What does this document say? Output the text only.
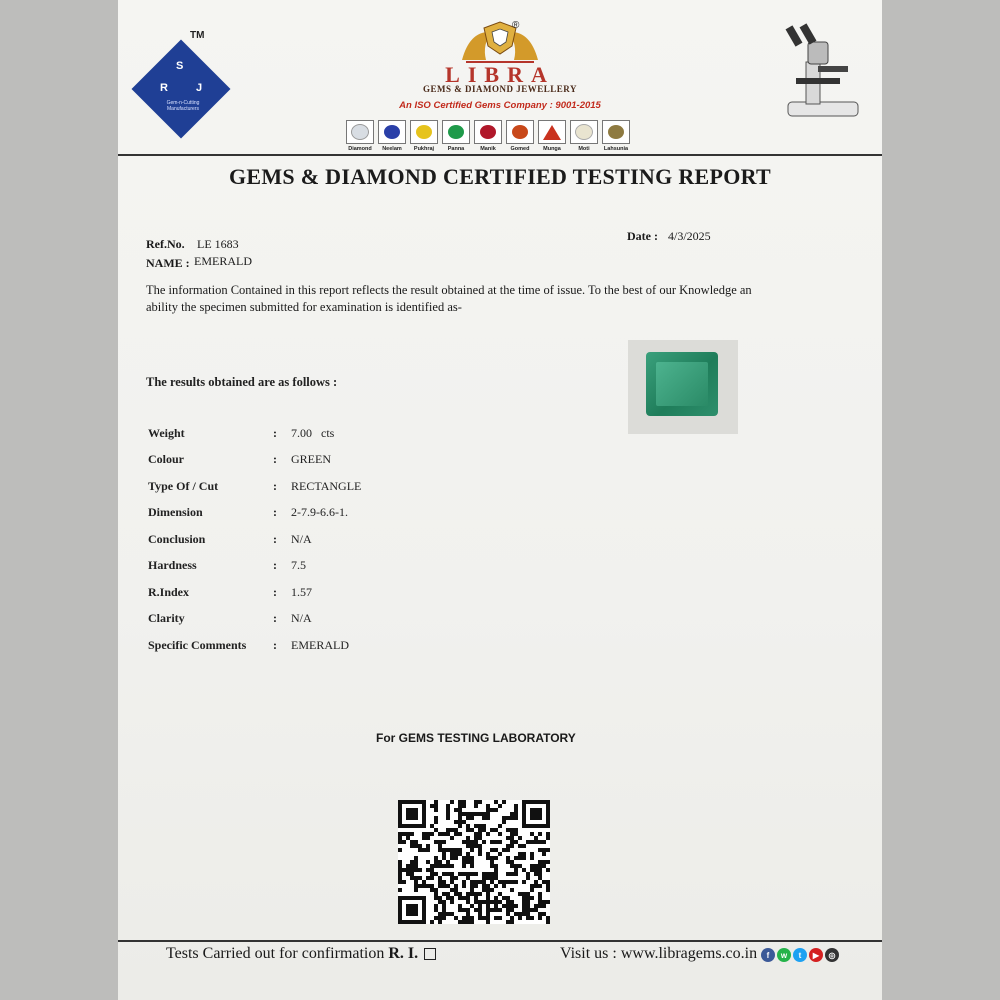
S
R	J
Gem-n-Cutting Manufacturers
TM
®
LIBRA
GEMS & DIAMOND JEWELLERY
An ISO Certified Gems Company : 9001-2015
Diamond Neelam Pukhraj Panna	Manik	Gomed Munga	Moti	Lahsunia
GEMS & DIAMOND CERTIFIED TESTING REPORT
Ref.No. LE 1683
NAME : EMERALD
Date : 4/3/2025
The information Contained in this report reflects the result obtained at the time of issue. To the best of our Knowledge an ability the specimen submitted for examination is identified as-
The results obtained are as follows :
Weight	:	7.00   cts
Colour	:	GREEN
Type Of / Cut	:	RECTANGLE
Dimension	:	2-7.9-6.6-1.
Conclusion	:	N/A
Hardness	:	7.5
R.Index	:	1.57
Clarity	:	N/A
Specific Comments	:	EMERALD
For GEMS TESTING LABORATORY
Tests Carried out for confirmation R. I.	Visit us : www.libragems.co.in	f	w	t	▶	◎
